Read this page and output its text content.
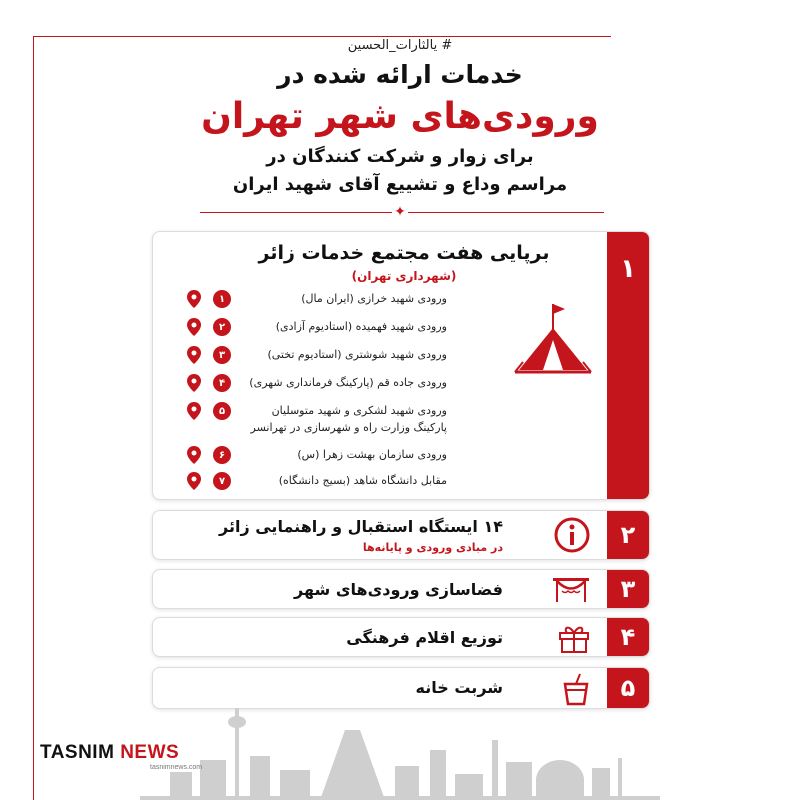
# یالثارات_الحسین
خدمات ارائه شده در
ورودی‌های شهر تهران
برای زوار و شرکت کنندگان در
مراسم وداع و تشییع آقای شهید ایران
✦
۱
برپایی هفت مجتمع خدمات زائر
(شهرداری تهران)
۱	ورودی شهید خرازی (ایران مال)
۲	ورودی شهید فهمیده (استادیوم آزادی)
۳	ورودی شهید شوشتری (استادیوم تختی)
۴	ورودی جاده قم (پارکینگ فرمانداری شهری)
۵	ورودی شهید لشکری و شهید متوسلیان
پارکینگ وزارت راه و شهرسازی در تهرانسر
۶	ورودی سازمان بهشت زهرا (س)
۷	مقابل دانشگاه شاهد (بسیج دانشگاه)
۲
۱۴ ایستگاه استقبال و راهنمایی زائر
در مبادی ورودی و پایانه‌ها
۳
فضاسازی ورودی‌های شهر
۴
توزیع اقلام فرهنگی
۵
شربت خانه
TASNIM NEWS
tasnimnews.com
